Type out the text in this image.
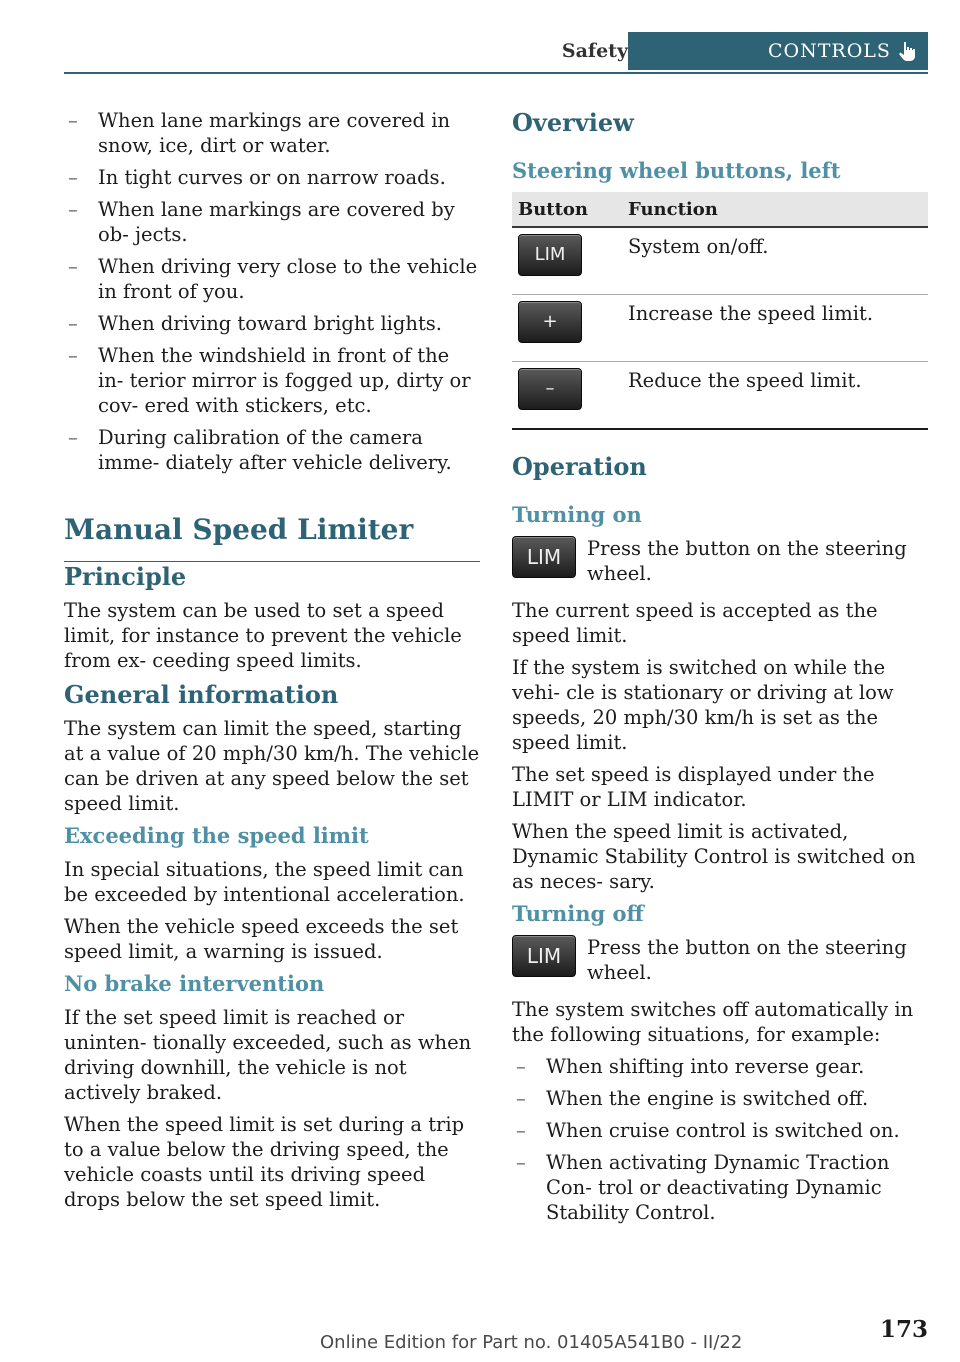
Safety	CONTROLS
– When lane markings are covered in snow, ice, dirt or water.
– In tight curves or on narrow roads.
– When lane markings are covered by ob‐ jects.
– When driving very close to the vehicle in front of you.
– When driving toward bright lights.
– When the windshield in front of the in‐ terior mirror is fogged up, dirty or cov‐ ered with stickers, etc.
– During calibration of the camera imme‐ diately after vehicle delivery.
Manual Speed Limiter
Principle

The system can be used to set a speed limit, for instance to prevent the vehicle from ex‐ ceeding speed limits.

General information

The system can limit the speed, starting at a value of 20 mph/30 km/h. The vehicle can be driven at any speed below the set speed limit.

Exceeding the speed limit

In special situations, the speed limit can be exceeded by intentional acceleration.

When the vehicle speed exceeds the set speed limit, a warning is issued.

No brake intervention

If the set speed limit is reached or uninten‐ tionally exceeded, such as when driving downhill, the vehicle is not actively braked.

When the speed limit is set during a trip to a value below the driving speed, the vehicle coasts until its driving speed drops below the set speed limit.

Overview
Steering wheel buttons, left
Button	Function
LIM	System on/off.
+	Increase the speed limit.
–	Reduce the speed limit.
Operation
Turning on
LIM	Press the button on the steering wheel.

The current speed is accepted as the speed limit.

If the system is switched on while the vehi‐ cle is stationary or driving at low speeds, 20 mph/30 km/h is set as the speed limit.

The set speed is displayed under the LIMIT or LIM indicator.

When the speed limit is activated, Dynamic Stability Control is switched on as neces‐ sary.

Turning off
LIM	Press the button on the steering wheel.

The system switches off automatically in the following situations, for example:

– When shifting into reverse gear.
– When the engine is switched off.
– When cruise control is switched on.
– When activating Dynamic Traction Con‐ trol or deactivating Dynamic Stability Control.
173
Online Edition for Part no. 01405A541B0 - II/22
